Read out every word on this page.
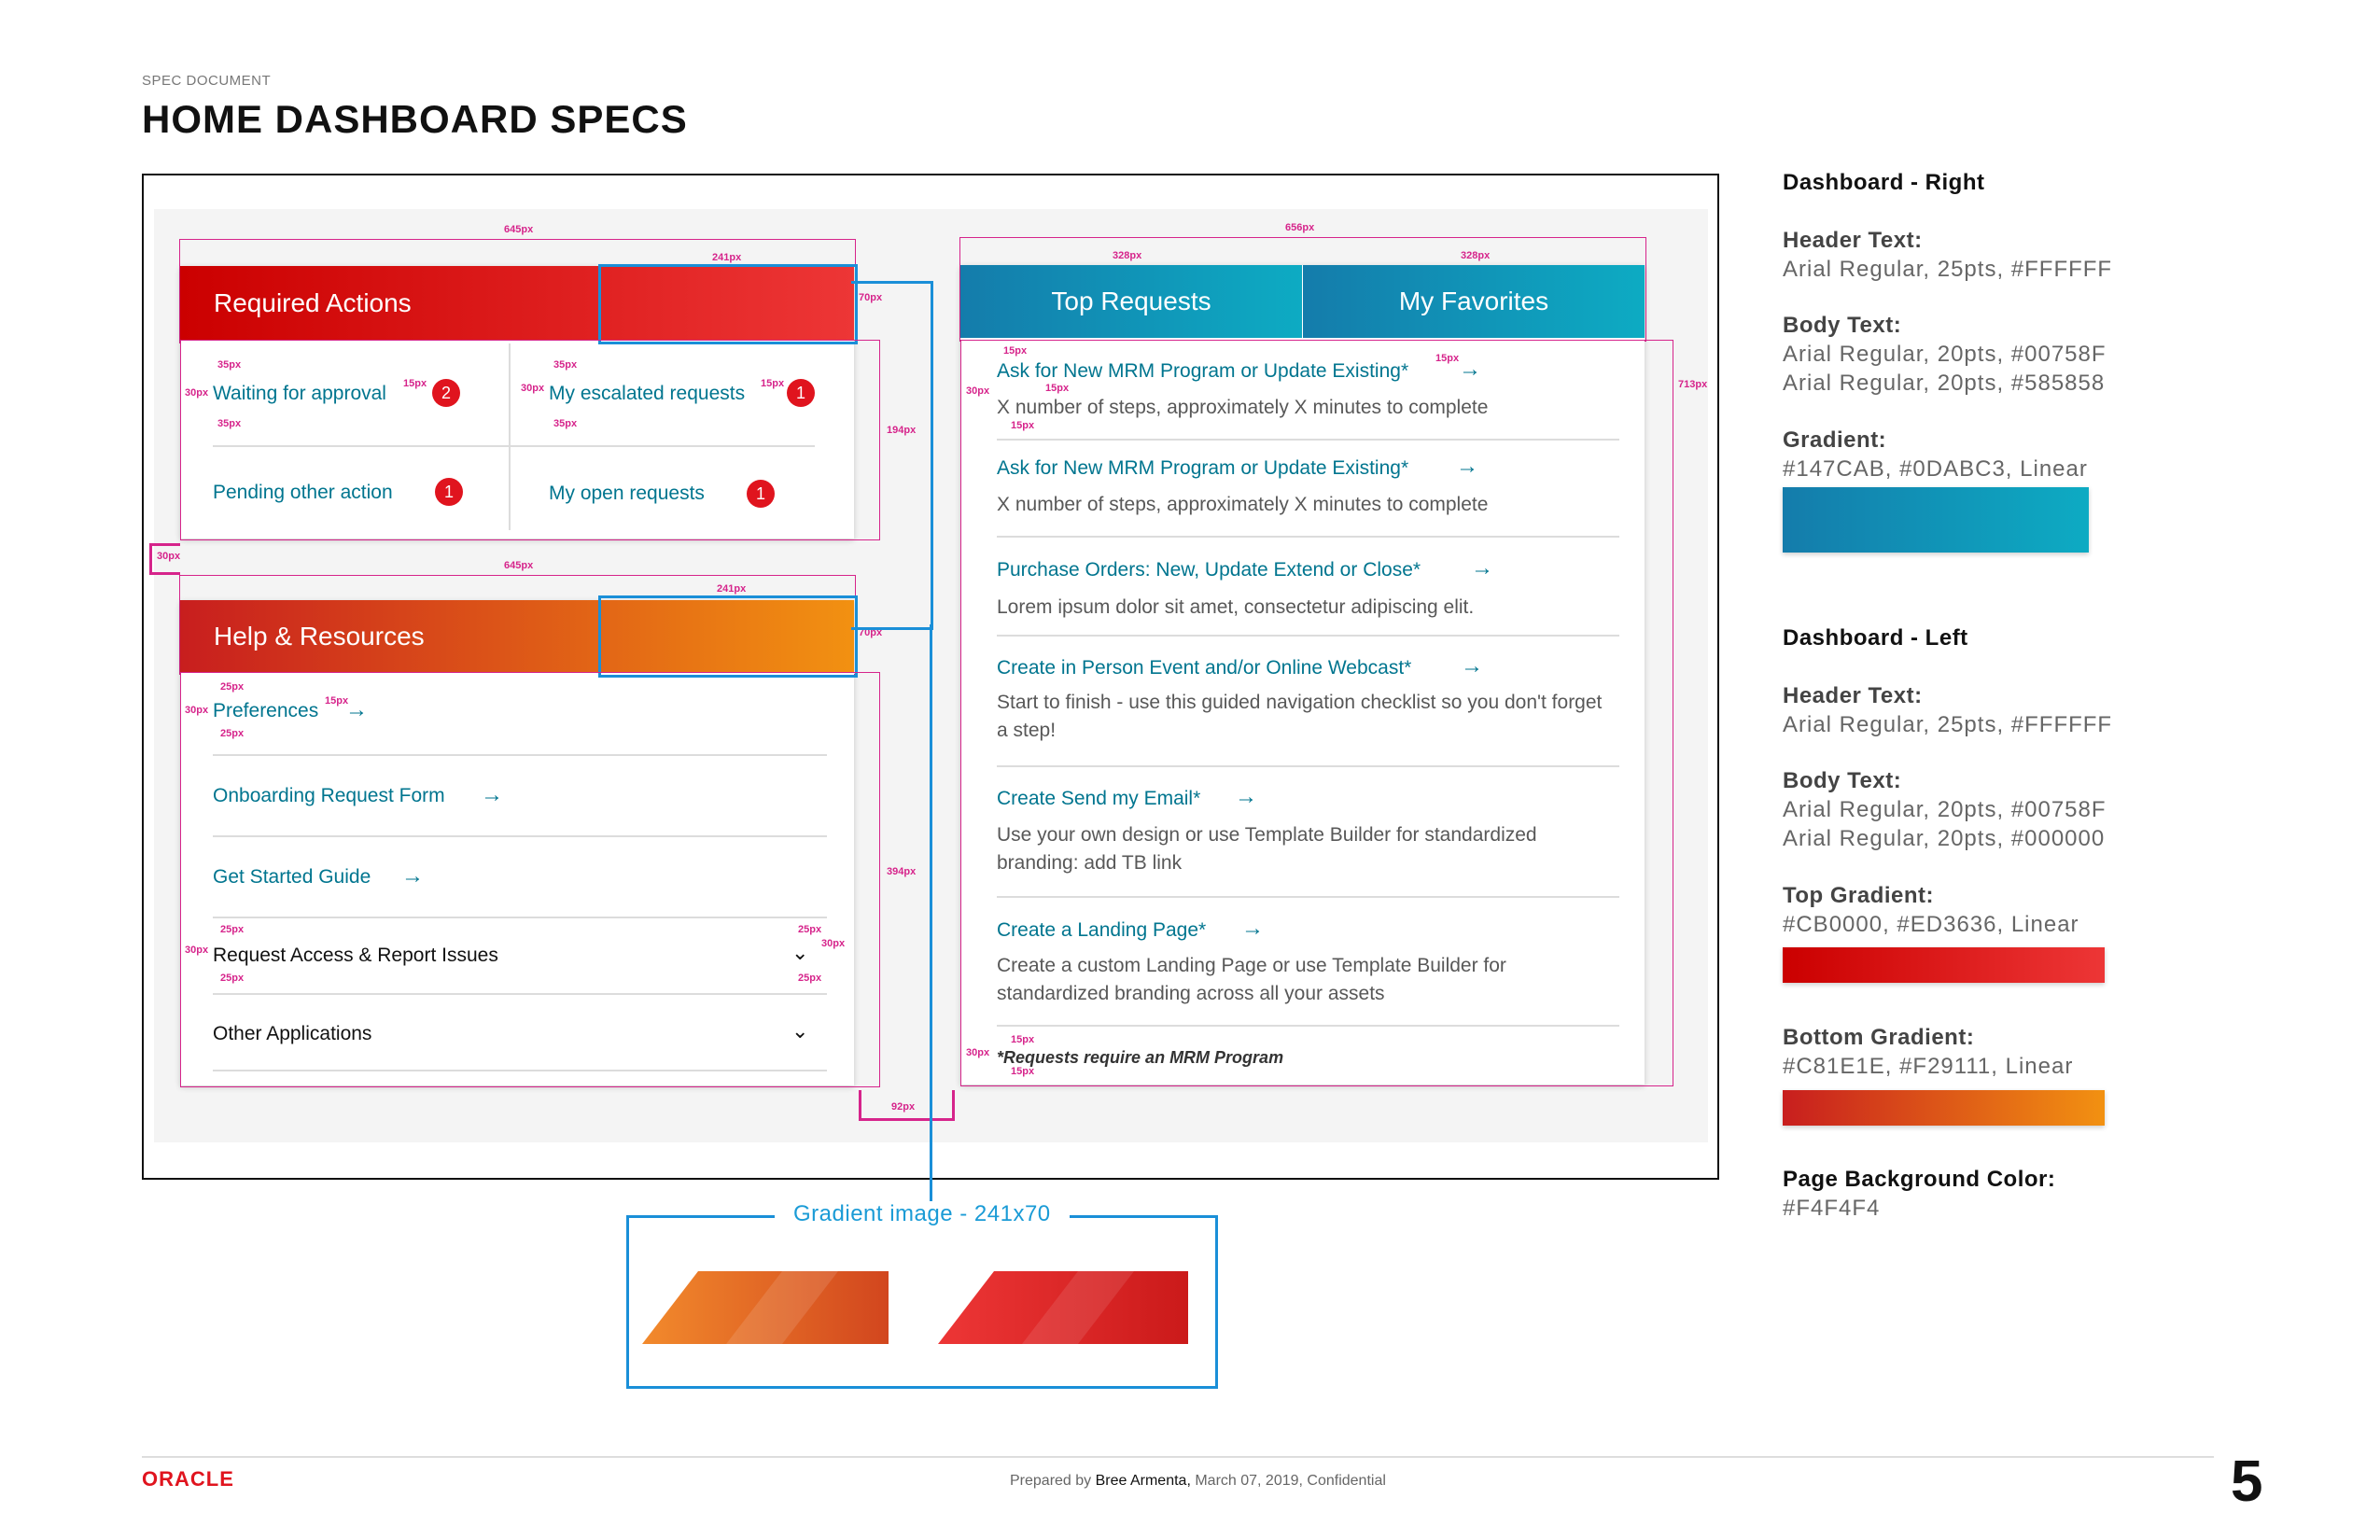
SPEC DOCUMENT
HOME DASHBOARD SPECS
645px
241px
Required Actions	70px
194px
Waiting for approval	2	My escalated requests	1
Pending other action	1	My open requests	1
35px
35px
30px
15px
35px
35px
30px	15px
30px
645px
241px
Help & Resources	70px
394px
Preferences →
Onboarding Request Form →
Get Started Guide →
Request Access & Report Issues	⌄
Other Applications	⌄
25px
30px
25px
15px
25px
30px
25px
25px
30px
25px
92px
656px
328px	328px
Top Requests	My Favorites
713px
Ask for New MRM Program or Update Existing* →
X number of steps, approximately X minutes to complete
Ask for New MRM Program or Update Existing* →
X number of steps, approximately X minutes to complete
Purchase Orders: New, Update Extend or Close* →
Lorem ipsum dolor sit amet, consectetur adipiscing elit.
Create in Person Event and/or Online Webcast* →
Start to finish - use this guided navigation checklist so you don't forget a step!
Create Send my Email* →
Use your own design or use Template Builder for standardized branding: add TB link
Create a Landing Page* →
Create a custom Landing Page or use Template Builder for standardized branding across all your assets
*Requests require an MRM Program
15px
30px
15px
15px
15px
15px
30px
15px
Gradient image - 241x70
Dashboard - Right
Header Text:
Arial Regular, 25pts, #FFFFFF
Body Text:
Arial Regular, 20pts, #00758F
Arial Regular, 20pts, #585858
Gradient:
#147CAB, #0DABC3, Linear
Dashboard - Left
Header Text:
Arial Regular, 25pts, #FFFFFF
Body Text:
Arial Regular, 20pts, #00758F
Arial Regular, 20pts, #000000
Top Gradient:
#CB0000, #ED3636, Linear
Bottom Gradient:
#C81E1E, #F29111, Linear
Page Background Color:
#F4F4F4
ORACLE	Prepared by Bree Armenta, March 07, 2019, Confidential	5
